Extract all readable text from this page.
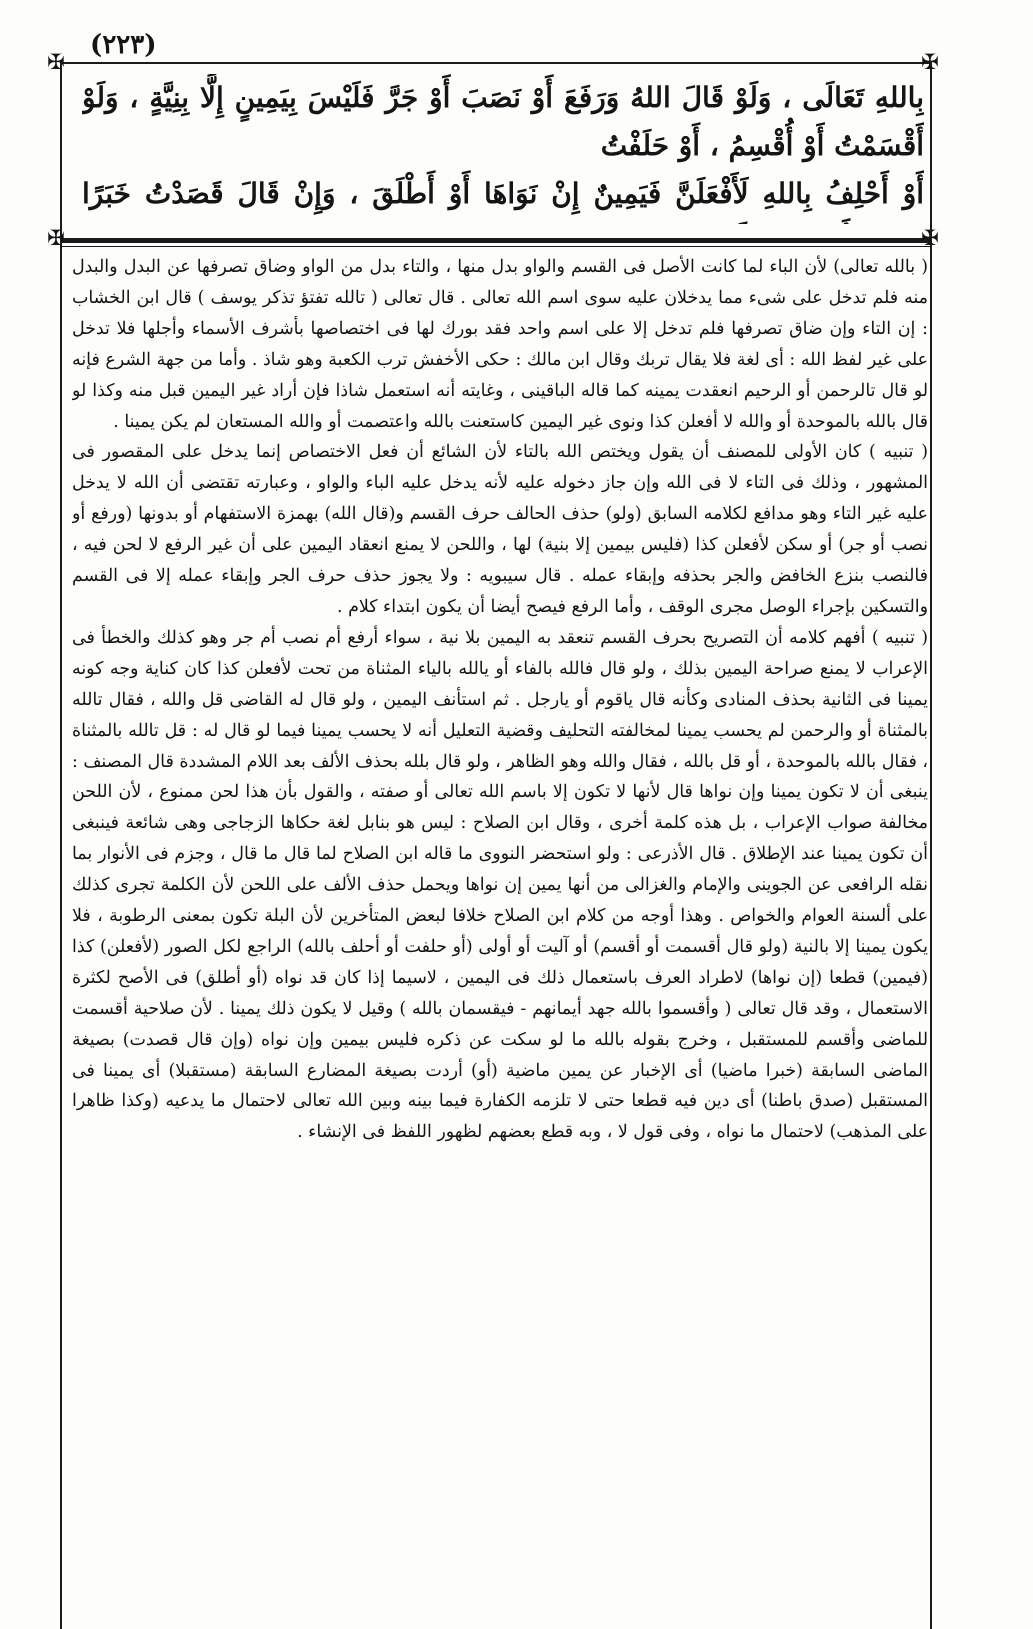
(٢٢٣)
✠	✠
✠	✠

بِاللهِ تَعَالَى ، وَلَوْ قَالَ اللهُ وَرَفَعَ أَوْ نَصَبَ أَوْ جَرَّ فَلَيْسَ بِيَمِينٍ إِلَّا بِنِيَّةٍ ، وَلَوْ أَقْسَمْتُ أَوْ أُقْسِمُ ، أَوْ حَلَفْتُ

أَوْ أَحْلِفُ بِاللهِ لَأَفْعَلَنَّ فَيَمِينٌ إِنْ نَوَاهَا أَوْ أَطْلَقَ ، وَإِنْ قَالَ قَصَدْتُ خَبَرًا

( بالله تعالى) لأن الباء لما كانت الأصل فى القسم والواو بدل منها ، والتاء بدل من الواو وضاق تصرفها عن البدل والبدل منه فلم تدخل على شىء مما يدخلان عليه سوى اسم الله تعالى . قال تعالى ( تالله تفتؤ تذكر يوسف ) قال ابن الخشاب : إن التاء وإن ضاق تصرفها فلم تدخل إلا على اسم واحد فقد بورك لها فى اختصاصها بأشرف الأسماء وأجلها فلا تدخل على غير لفظ الله : أى لغة فلا يقال تربك وقال ابن مالك : حكى الأخفش ترب الكعبة وهو شاذ . وأما من جهة الشرع فإنه لو قال تالرحمن أو الرحيم انعقدت يمينه كما قاله الباقينى ، وغايته أنه استعمل شاذا فإن أراد غير اليمين قبل منه وكذا لو قال بالله بالموحدة أو والله لا أفعلن كذا ونوى غير اليمين كاستعنت بالله واعتصمت أو والله المستعان لم يكن يمينا .

( تنبيه ) كان الأولى للمصنف أن يقول ويختص الله بالتاء لأن الشائع أن فعل الاختصاص إنما يدخل على المقصور فى المشهور ، وذلك فى التاء لا فى الله وإن جاز دخوله عليه لأنه يدخل عليه الباء والواو ، وعبارته تقتضى أن الله لا يدخل عليه غير التاء وهو مدافع لكلامه السابق (ولو) حذف الحالف حرف القسم و(قال الله) بهمزة الاستفهام أو بدونها (ورفع أو نصب أو جر) أو سكن لأفعلن كذا (فليس بيمين إلا بنية) لها ، واللحن لا يمنع انعقاد اليمين على أن غير الرفع لا لحن فيه ، فالنصب بنزع الخافض والجر بحذفه وإبقاء عمله . قال سيبويه : ولا يجوز حذف حرف الجر وإبقاء عمله إلا فى القسم والتسكين بإجراء الوصل مجرى الوقف ، وأما الرفع فيصح أيضا أن يكون ابتداء كلام .

( تنبيه ) أفهم كلامه أن التصريح بحرف القسم تنعقد به اليمين بلا نية ، سواء أرفع أم نصب أم جر وهو كذلك والخطأ فى الإعراب لا يمنع صراحة اليمين بذلك ، ولو قال فالله بالفاء أو يالله بالياء المثناة من تحت لأفعلن كذا كان كناية وجه كونه يمينا فى الثانية بحذف المنادى وكأنه قال ياقوم أو يارجل . ثم استأنف اليمين ، ولو قال له القاضى قل والله ، فقال تالله بالمثناة أو والرحمن لم يحسب يمينا لمخالفته التحليف وقضية التعليل أنه لا يحسب يمينا فيما لو قال له : قل تالله بالمثناة ، فقال بالله بالموحدة ، أو قل بالله ، فقال والله وهو الظاهر ، ولو قال بلله بحذف الألف بعد اللام المشددة قال المصنف : ينبغى أن لا تكون يمينا وإن نواها قال لأنها لا تكون إلا باسم الله تعالى أو صفته ، والقول بأن هذا لحن ممنوع ، لأن اللحن مخالفة صواب الإعراب ، بل هذه كلمة أخرى ، وقال ابن الصلاح : ليس هو بنابل لغة حكاها الزجاجى وهى شائعة فينبغى أن تكون يمينا عند الإطلاق . قال الأذرعى : ولو استحضر النووى ما قاله ابن الصلاح لما قال ما قال ، وجزم فى الأنوار بما نقله الرافعى عن الجوينى والإمام والغزالى من أنها يمين إن نواها ويحمل حذف الألف على اللحن لأن الكلمة تجرى كذلك على ألسنة العوام والخواص . وهذا أوجه من كلام ابن الصلاح خلافا لبعض المتأخرين لأن البلة تكون بمعنى الرطوبة ، فلا يكون يمينا إلا بالنية (ولو قال أقسمت أو أقسم) أو آليت أو أولى (أو حلفت أو أحلف بالله) الراجع لكل الصور (لأفعلن) كذا (فيمين) قطعا (إن نواها) لاطراد العرف باستعمال ذلك فى اليمين ، لاسيما إذا كان قد نواه (أو أطلق) فى الأصح لكثرة الاستعمال ، وقد قال تعالى ( وأقسموا بالله جهد أيمانهم - فيقسمان بالله ) وقيل لا يكون ذلك يمينا . لأن صلاحية أقسمت للماضى وأقسم للمستقبل ، وخرج بقوله بالله ما لو سكت عن ذكره فليس بيمين وإن نواه (وإن قال قصدت) بصيغة الماضى السابقة (خبرا ماضيا) أى الإخبار عن يمين ماضية (أو) أردت بصيغة المضارع السابقة (مستقبلا) أى يمينا فى المستقبل (صدق باطنا) أى دين فيه قطعا حتى لا تلزمه الكفارة فيما بينه وبين الله تعالى لاحتمال ما يدعيه (وكذا ظاهرا على المذهب) لاحتمال ما نواه ، وفى قول لا ، وبه قطع بعضهم لظهور اللفظ فى الإنشاء .
